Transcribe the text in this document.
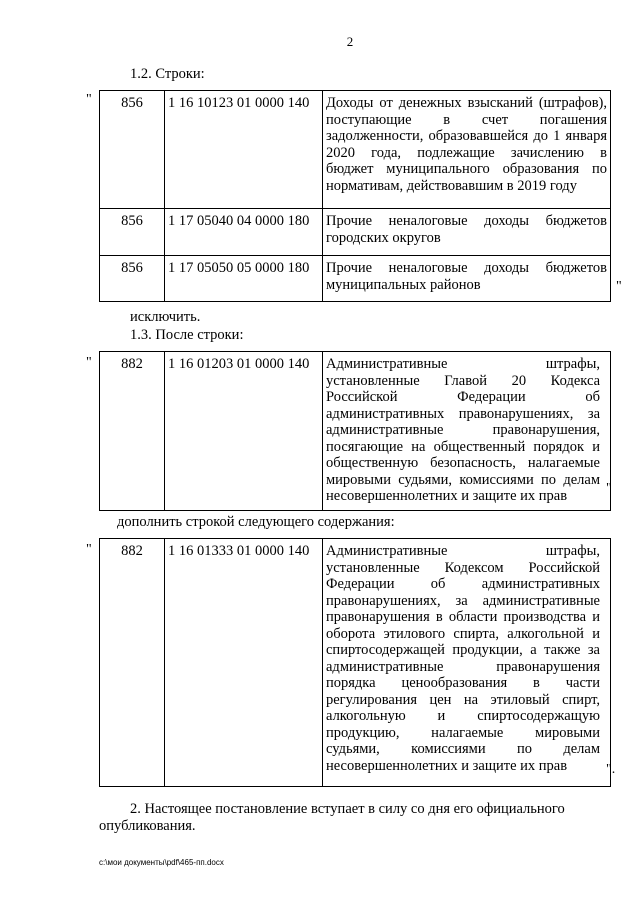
2
1.2. Строки:
" 856	1 16 10123 01 0000 140	Доходы от денежных взысканий (штрафов), поступающие в счет погашения задолженности, образовавшейся до 1 января 2020 года, подлежащие зачислению в бюджет муниципального образования по нормативам, действовавшим в 2019 году
856	1 17 05040 04 0000 180	Прочие неналоговые доходы бюджетов городских округов
856	1 17 05050 05 0000 180	Прочие неналоговые доходы бюджетов муниципальных районов	"
исключить.
1.3. После строки:
" 882	1 16 01203 01 0000 140	Административные штрафы, установленные Главой 20 Кодекса Российской Федерации об административных правонарушениях, за административные правонарушения, посягающие на общественный порядок и общественную безопасность, налагаемые мировыми судьями, комиссиями по делам несовершеннолетних и защите их прав	"
дополнить строкой следующего содержания:
" 882	1 16 01333 01 0000 140	Административные штрафы, установленные Кодексом Российской Федерации об административных правонарушениях, за административные правонарушения в области производства и оборота этилового спирта, алкогольной и спиртосодержащей продукции, а также за административные правонарушения порядка ценообразования в части регулирования цен на этиловый спирт, алкогольную и спиртосодержащую продукцию, налагаемые мировыми судьями, комиссиями по делам несовершеннолетних и защите их прав	".
2. Настоящее постановление вступает в силу со дня его официального
опубликования.
c:\мои документы\pdf\465-пп.docx
